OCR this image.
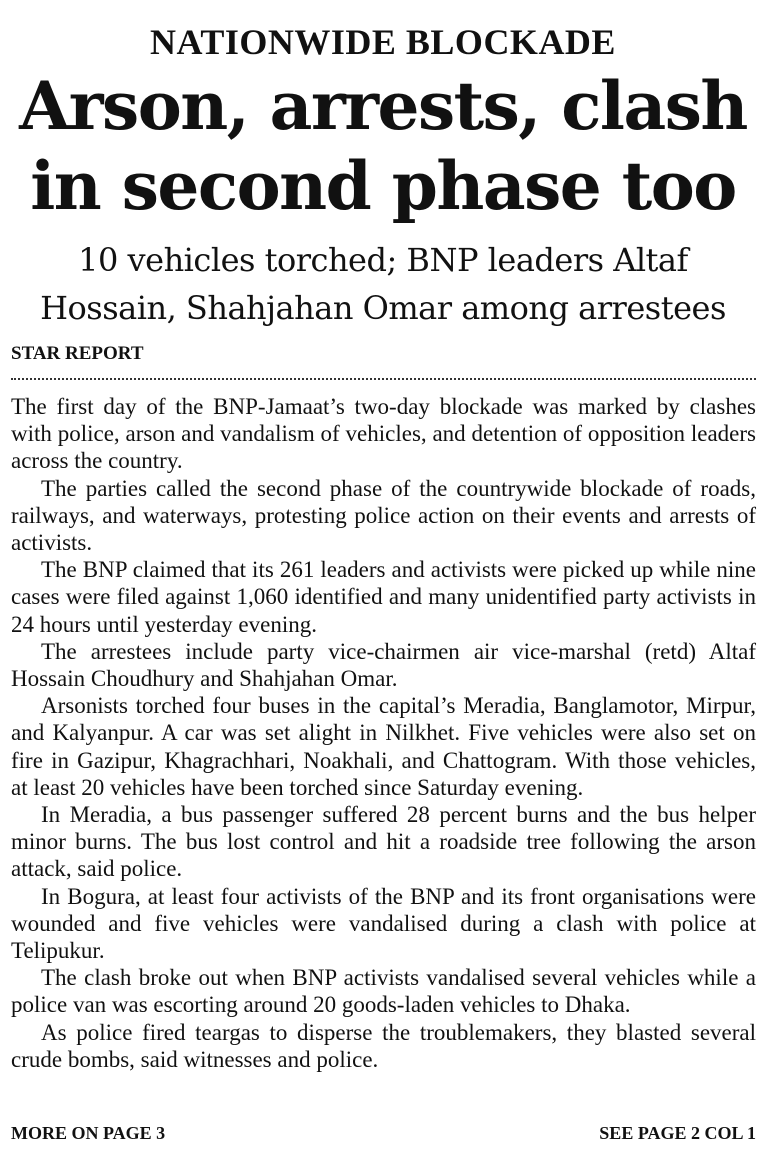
NATIONWIDE BLOCKADE
Arson, arrests, clash
in second phase too
10 vehicles torched; BNP leaders Altaf
Hossain, Shahjahan Omar among arrestees
STAR REPORT

The first day of the BNP-Jamaat’s two-day blockade was marked by clashes with police, arson and vandalism of vehicles, and detention of opposition leaders across the country.

The parties called the second phase of the countrywide blockade of roads, railways, and waterways, protesting police action on their events and arrests of activists.

The BNP claimed that its 261 leaders and activists were picked up while nine cases were filed against 1,060 identified and many unidentified party activists in 24 hours until yesterday evening.

The arrestees include party vice-chairmen air vice-marshal (retd) Altaf Hossain Choudhury and Shahjahan Omar.

Arsonists torched four buses in the capital’s Meradia, Banglamotor, Mirpur, and Kalyanpur. A car was set alight in Nilkhet. Five vehicles were also set on fire in Gazipur, Khagrachhari, Noakhali, and Chattogram. With those vehicles, at least 20 vehicles have been torched since Saturday evening.

In Meradia, a bus passenger suffered 28 percent burns and the bus helper minor burns. The bus lost control and hit a roadside tree following the arson attack, said police.

In Bogura, at least four activists of the BNP and its front organisations were wounded and five vehicles were vandalised during a clash with police at Telipukur.

The clash broke out when BNP activists vandalised several vehicles while a police van was escorting around 20 goods-laden vehicles to Dhaka.

As police fired teargas to disperse the troublemakers, they blasted several crude bombs, said witnesses and police.

MORE ON PAGE 3	SEE PAGE 2 COL 1
